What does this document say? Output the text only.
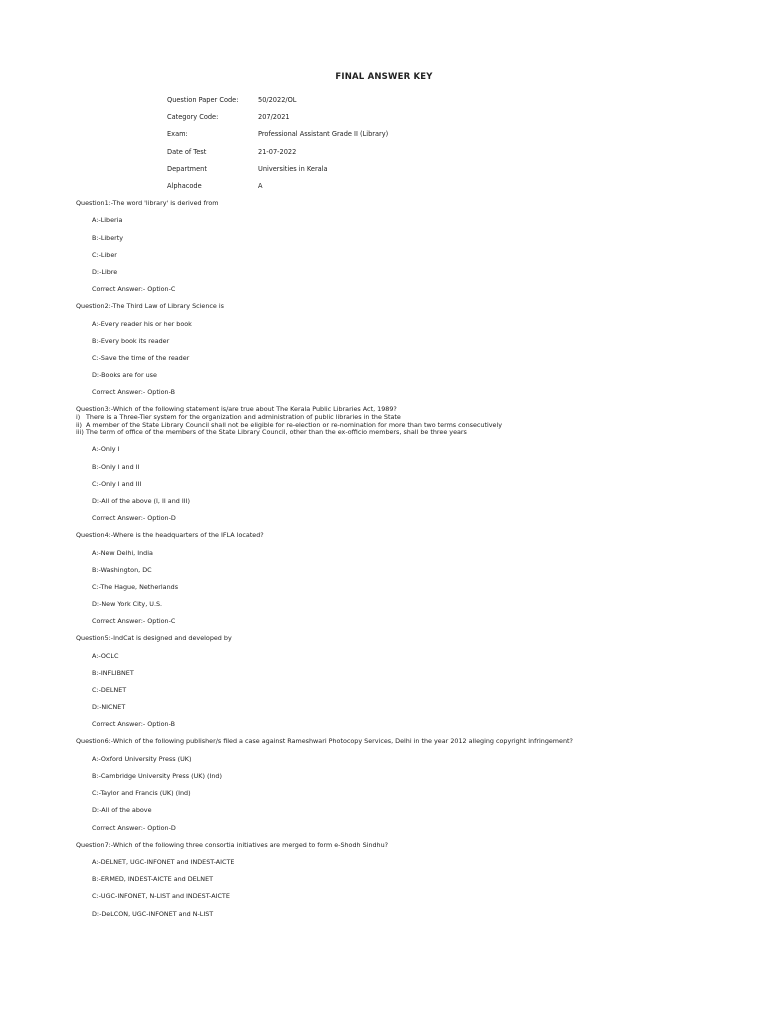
FINAL ANSWER KEY
Question Paper Code:	50/2022/OL
Category Code:	207/2021
Exam:	Professional Assistant Grade II (Library)
Date of Test	21-07-2022
Department	Universities in Kerala
Alphacode	A
Question1:-The word 'library' is derived from
A:-Liberia
B:-Liberty
C:-Liber
D:-Libre
Correct Answer:- Option-C
Question2:-The Third Law of Library Science is
A:-Every reader his or her book
B:-Every book its reader
C:-Save the time of the reader
D:-Books are for use
Correct Answer:- Option-B
Question3:-Which of the following statement is/are true about The Kerala Public Libraries Act, 1989?
i) There is a Three-Tier system for the organization and administration of public libraries in the State
ii) A member of the State Library Council shall not be eligible for re-election or re-nomination for more than two terms consecutively
iii) The term of office of the members of the State Library Council, other than the ex-officio members, shall be three years
A:-Only I
B:-Only I and II
C:-Only I and III
D:-All of the above (I, II and III)
Correct Answer:- Option-D
Question4:-Where is the headquarters of the IFLA located?
A:-New Delhi, India
B:-Washington, DC
C:-The Hague, Netherlands
D:-New York City, U.S.
Correct Answer:- Option-C
Question5:-IndCat is designed and developed by
A:-OCLC
B:-INFLIBNET
C:-DELNET
D:-NICNET
Correct Answer:- Option-B
Question6:-Which of the following publisher/s filed a case against Rameshwari Photocopy Services, Delhi in the year 2012 alleging copyright infringement?
A:-Oxford University Press (UK)
B:-Cambridge University Press (UK) (Ind)
C:-Taylor and Francis (UK) (Ind)
D:-All of the above
Correct Answer:- Option-D
Question7:-Which of the following three consortia initiatives are merged to form e-Shodh Sindhu?
A:-DELNET, UGC-INFONET and INDEST-AICTE
B:-ERMED, INDEST-AICTE and DELNET
C:-UGC-INFONET, N-LIST and INDEST-AICTE
D:-DeLCON, UGC-INFONET and N-LIST
